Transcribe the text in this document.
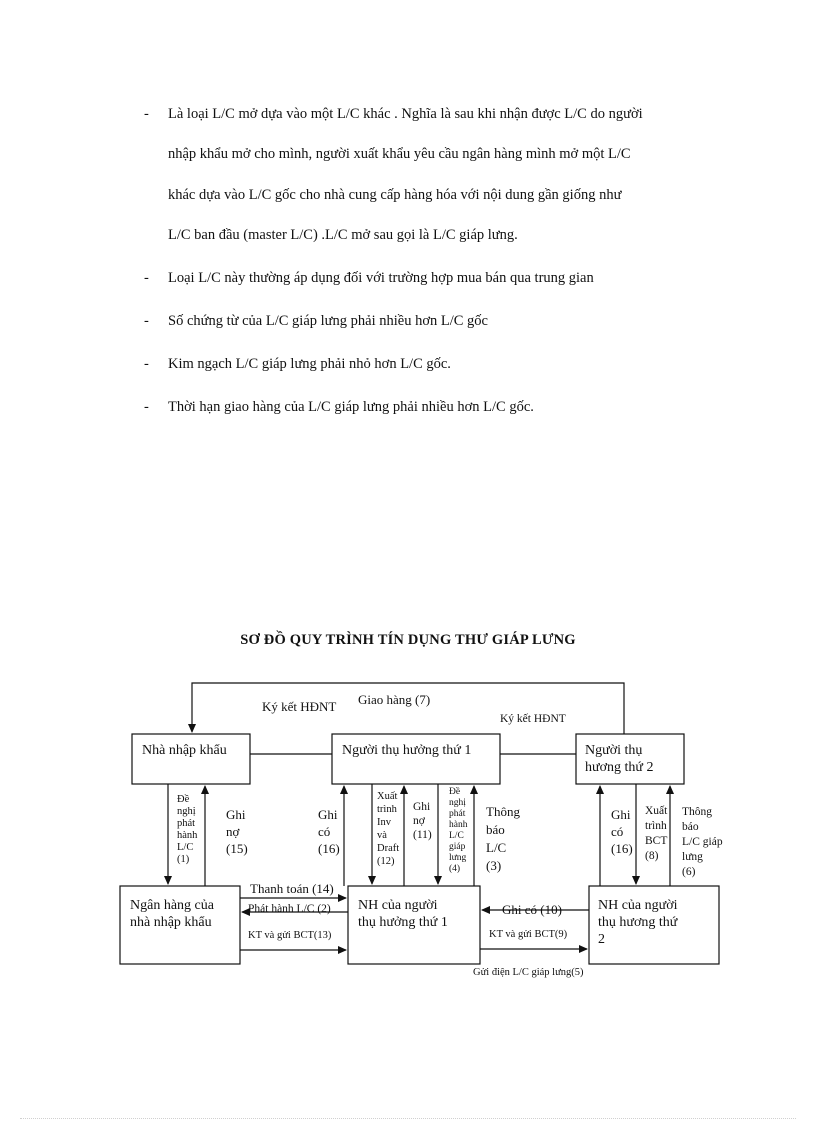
- Là loại L/C mở dựa vào một L/C khác . Nghĩa là sau khi nhận được L/C do người
nhập khẩu mở cho mình, người xuất khẩu yêu cầu ngân hàng mình mở một L/C
khác dựa vào L/C gốc cho nhà cung cấp hàng hóa với nội dung gần giống như
L/C ban đầu (master L/C) .L/C mở sau gọi là L/C giáp lưng.
- Loại L/C này thường áp dụng đối với trường hợp mua bán qua trung gian
- Số chứng từ của L/C giáp lưng phải nhiều hơn L/C gốc
- Kim ngạch L/C giáp lưng phải nhỏ hơn L/C gốc.
- Thời hạn giao hàng của L/C giáp lưng phải nhiều hơn L/C gốc.
SƠ ĐỒ QUY TRÌNH TÍN DỤNG THƯ GIÁP LƯNG
Nhà nhập khẩu	Người thụ hưởng thứ 1	Người thụ
hương thứ 2
Ngân hàng của
nhà nhập khẩu
NH của người
thụ hưởng thứ 1
NH của người
thụ hương thứ
2
Ký kết HĐNT Giao hàng (7)
Ký kết HĐNT
Đề
nghị
phát
hành
L/C
(1)
Ghi
nợ
(15)
Ghi
có
(16)
Xuất
trình
Inv
và
Draft
(12)
Ghi
nợ
(11)
Đề
nghị
phát
hành
L/C
giáp
lưng
(4)
Thông
báo
L/C
(3)
Ghi
có
(16)
Xuất
trình
BCT
(8)
Thông
báo
L/C giáp
lưng
(6)
Thanh toán (14)
Phát hành L/C (2)
KT và gửi BCT(13)
Ghi có (10)
KT và gửi BCT(9)
Gửi điện L/C giáp lưng(5)
